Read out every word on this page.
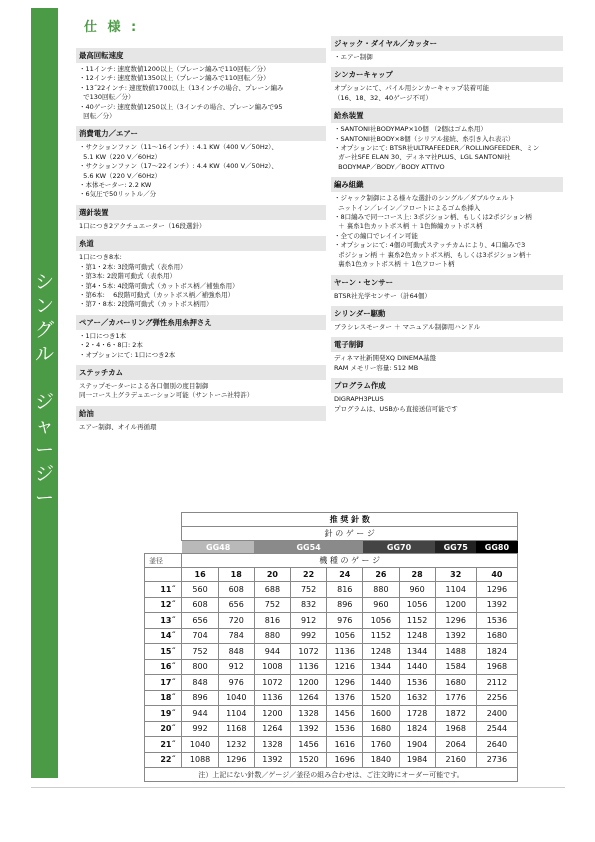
シ
ン
グ
ル
ジ
ャ
ー
ジ
ー
仕 様 :
最高回転速度
・11インチ: 速度数値1200以上（プレーン編みで110回転／分）
・12インチ: 速度数値1350以上（プレーン編みで110回転／分）
・13˝22インチ: 速度数値1700以上（13インチの場合、プレーン編み
で130回転／分）
・40ゲージ: 速度数値1250以上（3インチの場合、プレーン編みで95
回転／分）
消費電力／エアー
・サクションファン（11～16インチ）: 4.1 KW（400 V／50Hz）、
5.1 KW（220 V／60Hz）
・サクションファン（17～22インチ）: 4.4 KW（400 V／50Hz）、
5.6 KW（220 V／60Hz）
・本体モーター: 2.2 KW
・6気圧で50リットル／分
選針装置
1口につき2アクチュエーター（16段選針）
糸道
1口につき8本:
・第1・2本: 3段階可動式（表糸用）
・第3本: 2段階可動式（表糸用）
・第4・5本: 4段階可動式（カットボス柄／補強糸用）
・第6本:    6段階可動式（カットボス柄／補強糸用）
・第7・8本: 2段階可動式（カットボス柄用）
ペアー／カバーリング弾性糸用糸押さえ
・1口につき1本
・2・4・6・8口: 2本
・オプションにて: 1口につき2本
ステッチカム
ステップモーターによる各口個別の度目制御
同一コース上グラデュエーション可能（サントーニ社特許）
給油
エアー制御、オイル再循環
ジャック・ダイヤル／カッター
・エアー制御
シンカーキャップ
オプションにて、パイル用シンカーキャップ装着可能
（16、18、32、40ゲージ不可）
給糸装置
・SANTONI社BODYMAP×10個 （2個はゴム糸用）
・SANTONI社BODY×8個（シリアル接続、糸引き入れ表示）
・オプションにて: BTSR社ULTRAFEEDER／ROLLINGFEEDER、ミン
ガー社SFE ELAN 30、ディネマ社PLUS、LGL SANTONI社
BODYMAP／BODY／BODY ATTIVO
編み組織
・ジャック制御による様々な選針のシングル／ダブルウェルト
ニットイン／レイン／フロートによるゴム糸挿入
・8口編みで同一コース上: 3ポジション柄、もしくは2ポジション柄
＋ 裏糸1色カットボス柄 ＋ 1色飾編カットボス柄
・全ての編口でレイイン可能
・オプションにて: 4個の可動式ステッチカムにより、4口編みで3
ポジション柄 ＋ 裏糸2色カットボス柄、もしくは3ポジション柄＋
裏糸1色カットボス柄 ＋ 1色フロート柄
ヤーン・センサー
BTSR社光学センサー（計64個）
シリンダー駆動
ブラシレスモーター ＋ マニュアル制御用ハンドル
電子制御
ディネマ社新開発XQ DINEMA基盤
RAM メモリー容量: 512 MB
プログラム作成
DIGRAPH3PLUS
プログラムは、USBから直接送信可能です
	推 奨 針 数								
	針 の ゲ ー ジ								
	GG48		GG54			GG70		GG75	GG80
釜径	機 種 の ゲ ー ジ								
	16	18	20	22	24	26	28	32	40
11˝	560	608	688	752	816	880	960	1104	1296
12˝	608	656	752	832	896	960	1056	1200	1392
13˝	656	720	816	912	976	1056	1152	1296	1536
14˝	704	784	880	992	1056	1152	1248	1392	1680
15˝	752	848	944	1072	1136	1248	1344	1488	1824
16˝	800	912	1008	1136	1216	1344	1440	1584	1968
17˝	848	976	1072	1200	1296	1440	1536	1680	2112
18˝	896	1040	1136	1264	1376	1520	1632	1776	2256
19˝	944	1104	1200	1328	1456	1600	1728	1872	2400
20˝	992	1168	1264	1392	1536	1680	1824	1968	2544
21˝	1040	1232	1328	1456	1616	1760	1904	2064	2640
22˝	1088	1296	1392	1520	1696	1840	1984	2160	2736
注）上記にない針数／ゲージ／釜径の組み合わせは、ご注文時にオーダー可能です。									
